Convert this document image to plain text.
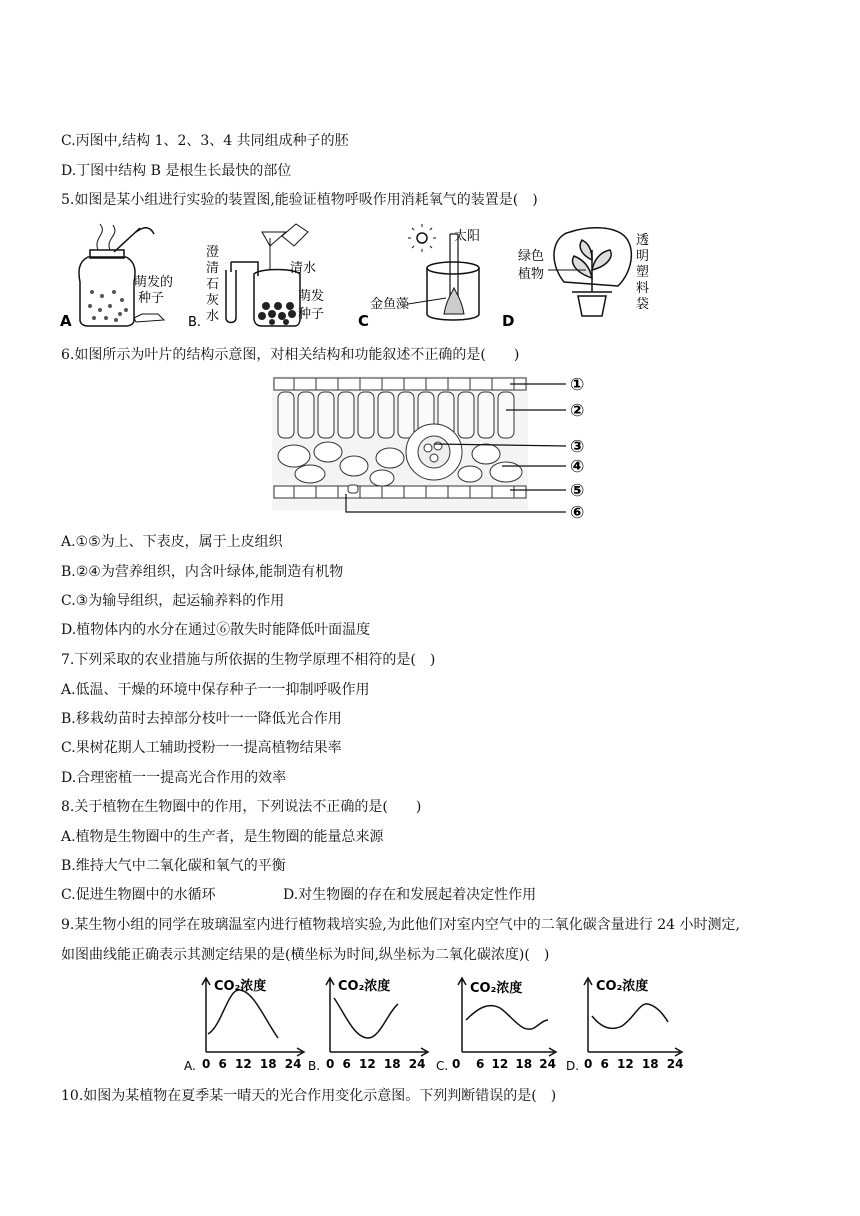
C.丙图中,结构 1、2、3、4 共同组成种子的胚
D.丁图中结构 B 是根生长最快的部位
5.如图是某小组进行实验的装置图,能验证植物呼吸作用消耗氧气的装置是(　)
萌发的
种子
A	B.
澄
清
石
灰
水
清水
萌发
种子 C
太阳
金鱼藻
D
绿色
植物
透
明
塑
料
袋
6.如图所示为叶片的结构示意图，对相关结构和功能叙述不正确的是(　　)
①
②
③
④
⑤
⑥
A.①⑤为上、下表皮，属于上皮组织
B.②④为营养组织，内含叶绿体,能制造有机物
C.③为输导组织，起运输养料的作用
D.植物体内的水分在通过⑥散失时能降低叶面温度
7.下列采取的农业措施与所依据的生物学原理不相符的是(　)
A.低温、干燥的环境中保存种子一一抑制呼吸作用
B.移栽幼苗时去掉部分枝叶一一降低光合作用
C.果树花期人工辅助授粉一一提高植物结果率
D.合理密植一一提高光合作用的效率
8.关于植物在生物圈中的作用，下列说法不正确的是(　　)
A.植物是生物圈中的生产者，是生物圈的能量总来源
B.维持大气中二氧化碳和氧气的平衡
C.促进生物圈中的水循环	D.对生物圈的存在和发展起着决定性作用
9.某生物小组的同学在玻璃温室内进行植物栽培实验,为此他们对室内空气中的二氧化碳含量进行 24 小时测定,
如图曲线能正确表示其测定结果的是(横坐标为时间,纵坐标为二氧化碳浓度)(　)
CO₂浓度	CO₂浓度	CO₂浓度	CO₂浓度
A. 0 6 12 18 24 B. 0 6 12 18 24 C. 0 6 12 18 24 D. 0 6 12 18 24
10.如图为某植物在夏季某一晴天的光合作用变化示意图。下列判断错误的是(　)
